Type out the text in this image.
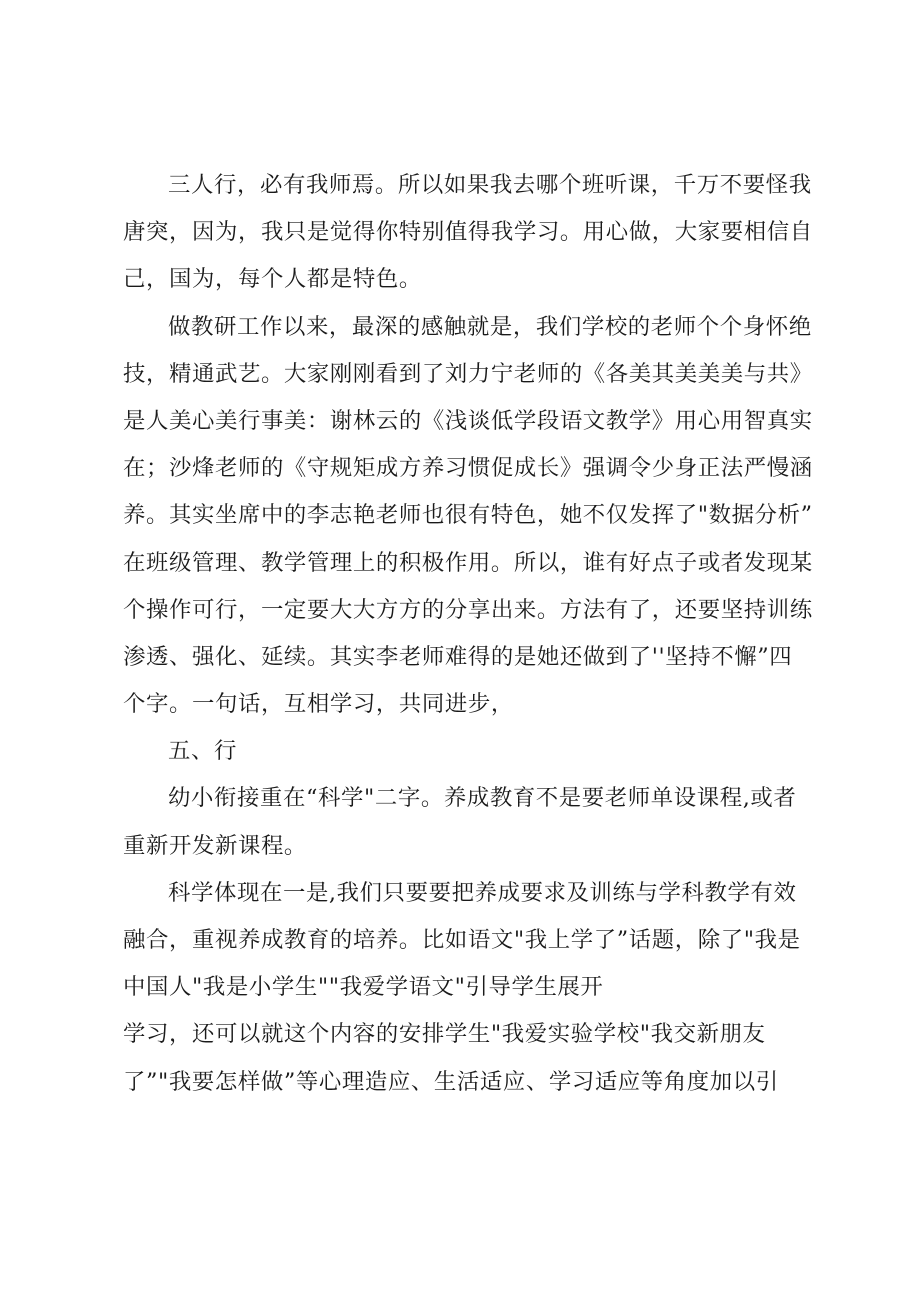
三人行，必有我师焉。所以如果我去哪个班听课，千万不要怪我
唐突，因为，我只是觉得你特别值得我学习。用心做，大家要相信自
己，国为，每个人都是特色。
做教研工作以来，最深的感触就是，我们学校的老师个个身怀绝
技，精通武艺。大家刚刚看到了刘力宁老师的《各美其美美美与共》
是人美心美行事美：谢林云的《浅谈低学段语文教学》用心用智真实
在；沙烽老师的《守规矩成方养习惯促成长》强调令少身正法严慢涵
养。其实坐席中的李志艳老师也很有特色，她不仅发挥了"数据分析”
在班级管理、教学管理上的积极作用。所以，谁有好点子或者发现某
个操作可行，一定要大大方方的分享出来。方法有了，还要坚持训练
渗透、强化、延续。其实李老师难得的是她还做到了''坚持不懈”四
个字。一句话，互相学习，共同进步，
五、行
幼小衔接重在“科学"二字。养成教育不是要老师单设课程,或者
重新开发新课程。
科学体现在一是,我们只要要把养成要求及训练与学科教学有效
融合，重视养成教育的培养。比如语文"我上学了”话题，除了"我是
中国人"我是小学生""我爱学语文"引导学生展开
学习，还可以就这个内容的安排学生"我爱实验学校"我交新朋友
了”"我要怎样做”等心理造应、生活适应、学习适应等角度加以引
